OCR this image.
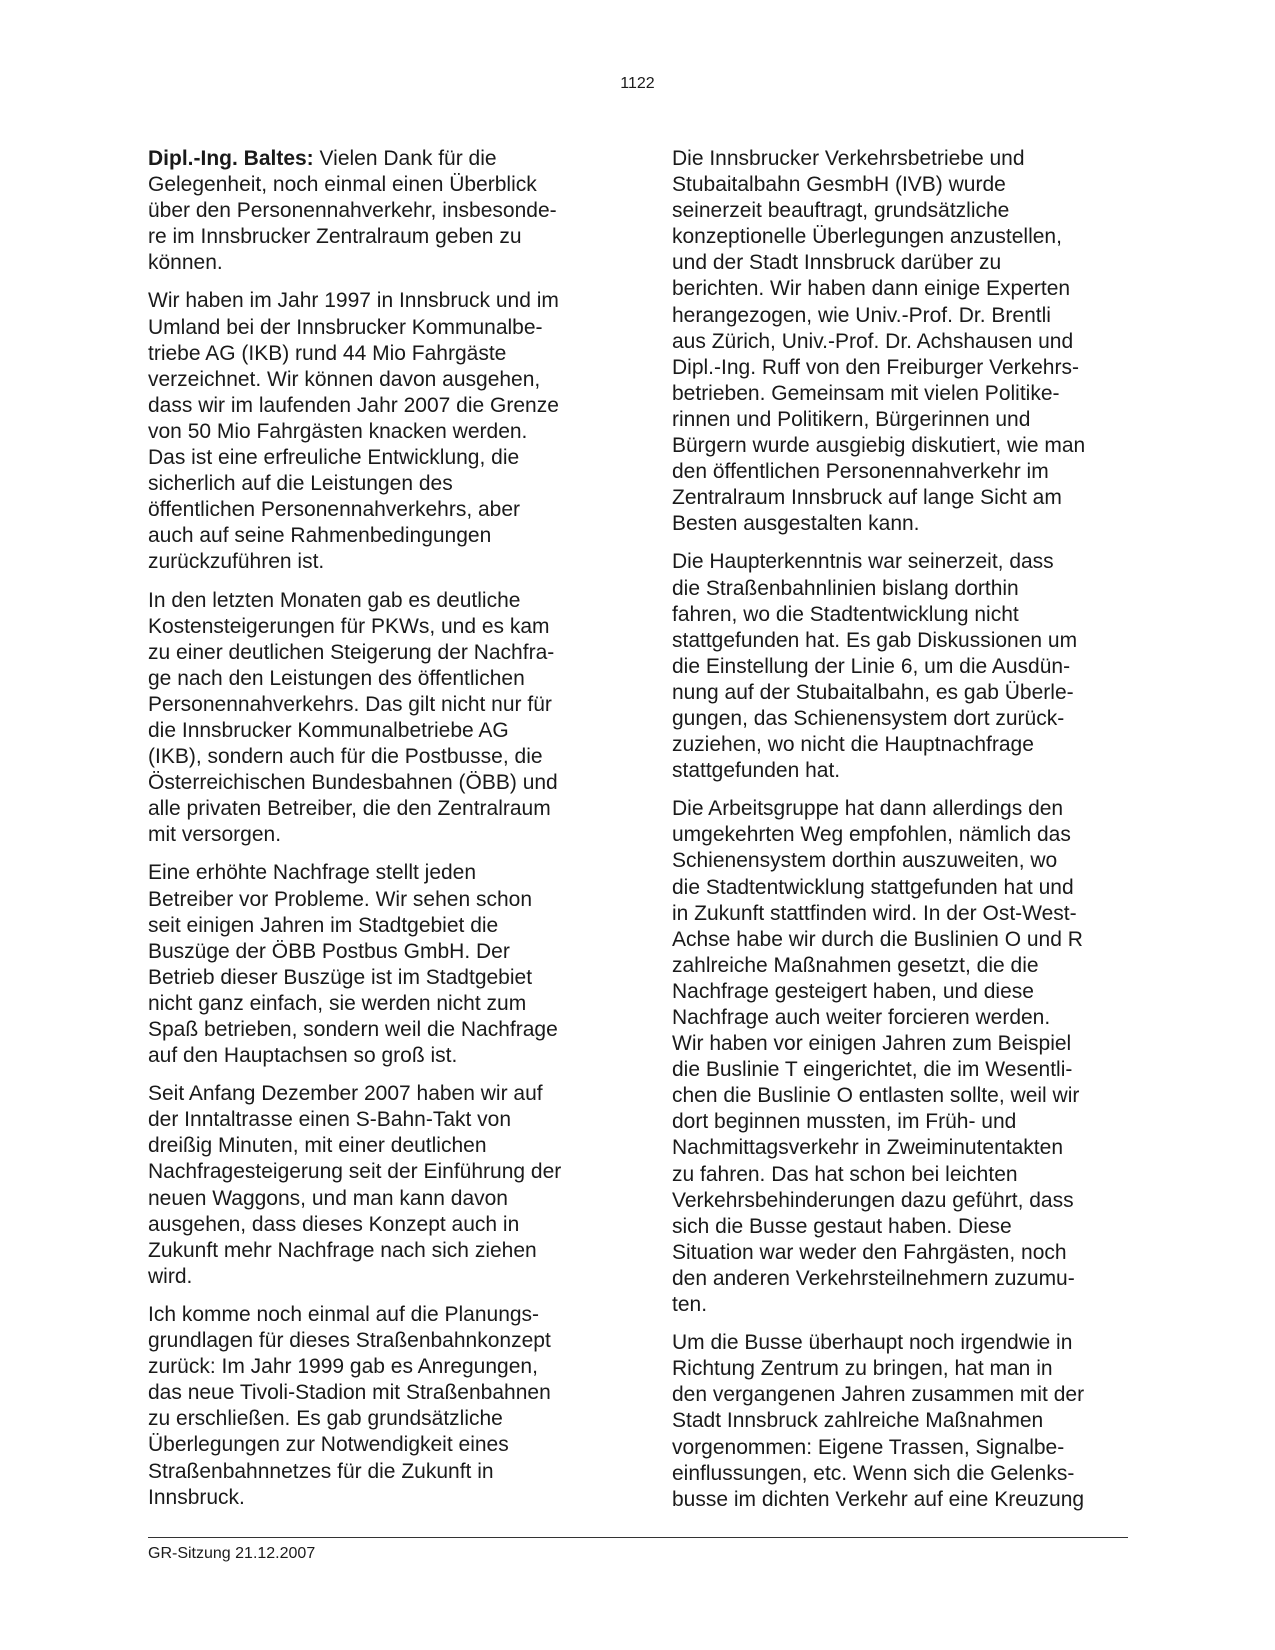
1122
Dipl.-Ing. Baltes: Vielen Dank für die
Gelegenheit, noch einmal einen Überblick
über den Personennahverkehr, insbesonde-
re im Innsbrucker Zentralraum geben zu
können.
Wir haben im Jahr 1997 in Innsbruck und im
Umland bei der Innsbrucker Kommunalbe-
triebe AG (IKB) rund 44 Mio Fahrgäste
verzeichnet. Wir können davon ausgehen,
dass wir im laufenden Jahr 2007 die Grenze
von 50 Mio Fahrgästen knacken werden.
Das ist eine erfreuliche Entwicklung, die
sicherlich auf die Leistungen des
öffentlichen Personennahverkehrs, aber
auch auf seine Rahmenbedingungen
zurückzuführen ist.
In den letzten Monaten gab es deutliche
Kostensteigerungen für PKWs, und es kam
zu einer deutlichen Steigerung der Nachfra-
ge nach den Leistungen des öffentlichen
Personennahverkehrs. Das gilt nicht nur für
die Innsbrucker Kommunalbetriebe AG
(IKB), sondern auch für die Postbusse, die
Österreichischen Bundesbahnen (ÖBB) und
alle privaten Betreiber, die den Zentralraum
mit versorgen.
Eine erhöhte Nachfrage stellt jeden
Betreiber vor Probleme. Wir sehen schon
seit einigen Jahren im Stadtgebiet die
Buszüge der ÖBB Postbus GmbH. Der
Betrieb dieser Buszüge ist im Stadtgebiet
nicht ganz einfach, sie werden nicht zum
Spaß betrieben, sondern weil die Nachfrage
auf den Hauptachsen so groß ist.
Seit Anfang Dezember 2007 haben wir auf
der Inntaltrasse einen S-Bahn-Takt von
dreißig Minuten, mit einer deutlichen
Nachfragesteigerung seit der Einführung der
neuen Waggons, und man kann davon
ausgehen, dass dieses Konzept auch in
Zukunft mehr Nachfrage nach sich ziehen
wird.
Ich komme noch einmal auf die Planungs-
grundlagen für dieses Straßenbahnkonzept
zurück: Im Jahr 1999 gab es Anregungen,
das neue Tivoli-Stadion mit Straßenbahnen
zu erschließen. Es gab grundsätzliche
Überlegungen zur Notwendigkeit eines
Straßenbahnnetzes für die Zukunft in
Innsbruck.
Die Innsbrucker Verkehrsbetriebe und
Stubaitalbahn GesmbH (IVB) wurde
seinerzeit beauftragt, grundsätzliche
konzeptionelle Überlegungen anzustellen,
und der Stadt Innsbruck darüber zu
berichten. Wir haben dann einige Experten
herangezogen, wie Univ.-Prof. Dr. Brentli
aus Zürich, Univ.-Prof. Dr. Achshausen und
Dipl.-Ing. Ruff von den Freiburger Verkehrs-
betrieben. Gemeinsam mit vielen Politike-
rinnen und Politikern, Bürgerinnen und
Bürgern wurde ausgiebig diskutiert, wie man
den öffentlichen Personennahverkehr im
Zentralraum Innsbruck auf lange Sicht am
Besten ausgestalten kann.
Die Haupterkenntnis war seinerzeit, dass
die Straßenbahnlinien bislang dorthin
fahren, wo die Stadtentwicklung nicht
stattgefunden hat. Es gab Diskussionen um
die Einstellung der Linie 6, um die Ausdün-
nung auf der Stubaitalbahn, es gab Überle-
gungen, das Schienensystem dort zurück-
zuziehen, wo nicht die Hauptnachfrage
stattgefunden hat.
Die Arbeitsgruppe hat dann allerdings den
umgekehrten Weg empfohlen, nämlich das
Schienensystem dorthin auszuweiten, wo
die Stadtentwicklung stattgefunden hat und
in Zukunft stattfinden wird. In der Ost-West-
Achse habe wir durch die Buslinien O und R
zahlreiche Maßnahmen gesetzt, die die
Nachfrage gesteigert haben, und diese
Nachfrage auch weiter forcieren werden.
Wir haben vor einigen Jahren zum Beispiel
die Buslinie T eingerichtet, die im Wesentli-
chen die Buslinie O entlasten sollte, weil wir
dort beginnen mussten, im Früh- und
Nachmittagsverkehr in Zweiminutentakten
zu fahren. Das hat schon bei leichten
Verkehrsbehinderungen dazu geführt, dass
sich die Busse gestaut haben. Diese
Situation war weder den Fahrgästen, noch
den anderen Verkehrsteilnehmern zuzumu-
ten.
Um die Busse überhaupt noch irgendwie in
Richtung Zentrum zu bringen, hat man in
den vergangenen Jahren zusammen mit der
Stadt Innsbruck zahlreiche Maßnahmen
vorgenommen: Eigene Trassen, Signalbe-
einflussungen, etc. Wenn sich die Gelenks-
busse im dichten Verkehr auf eine Kreuzung
GR-Sitzung 21.12.2007
